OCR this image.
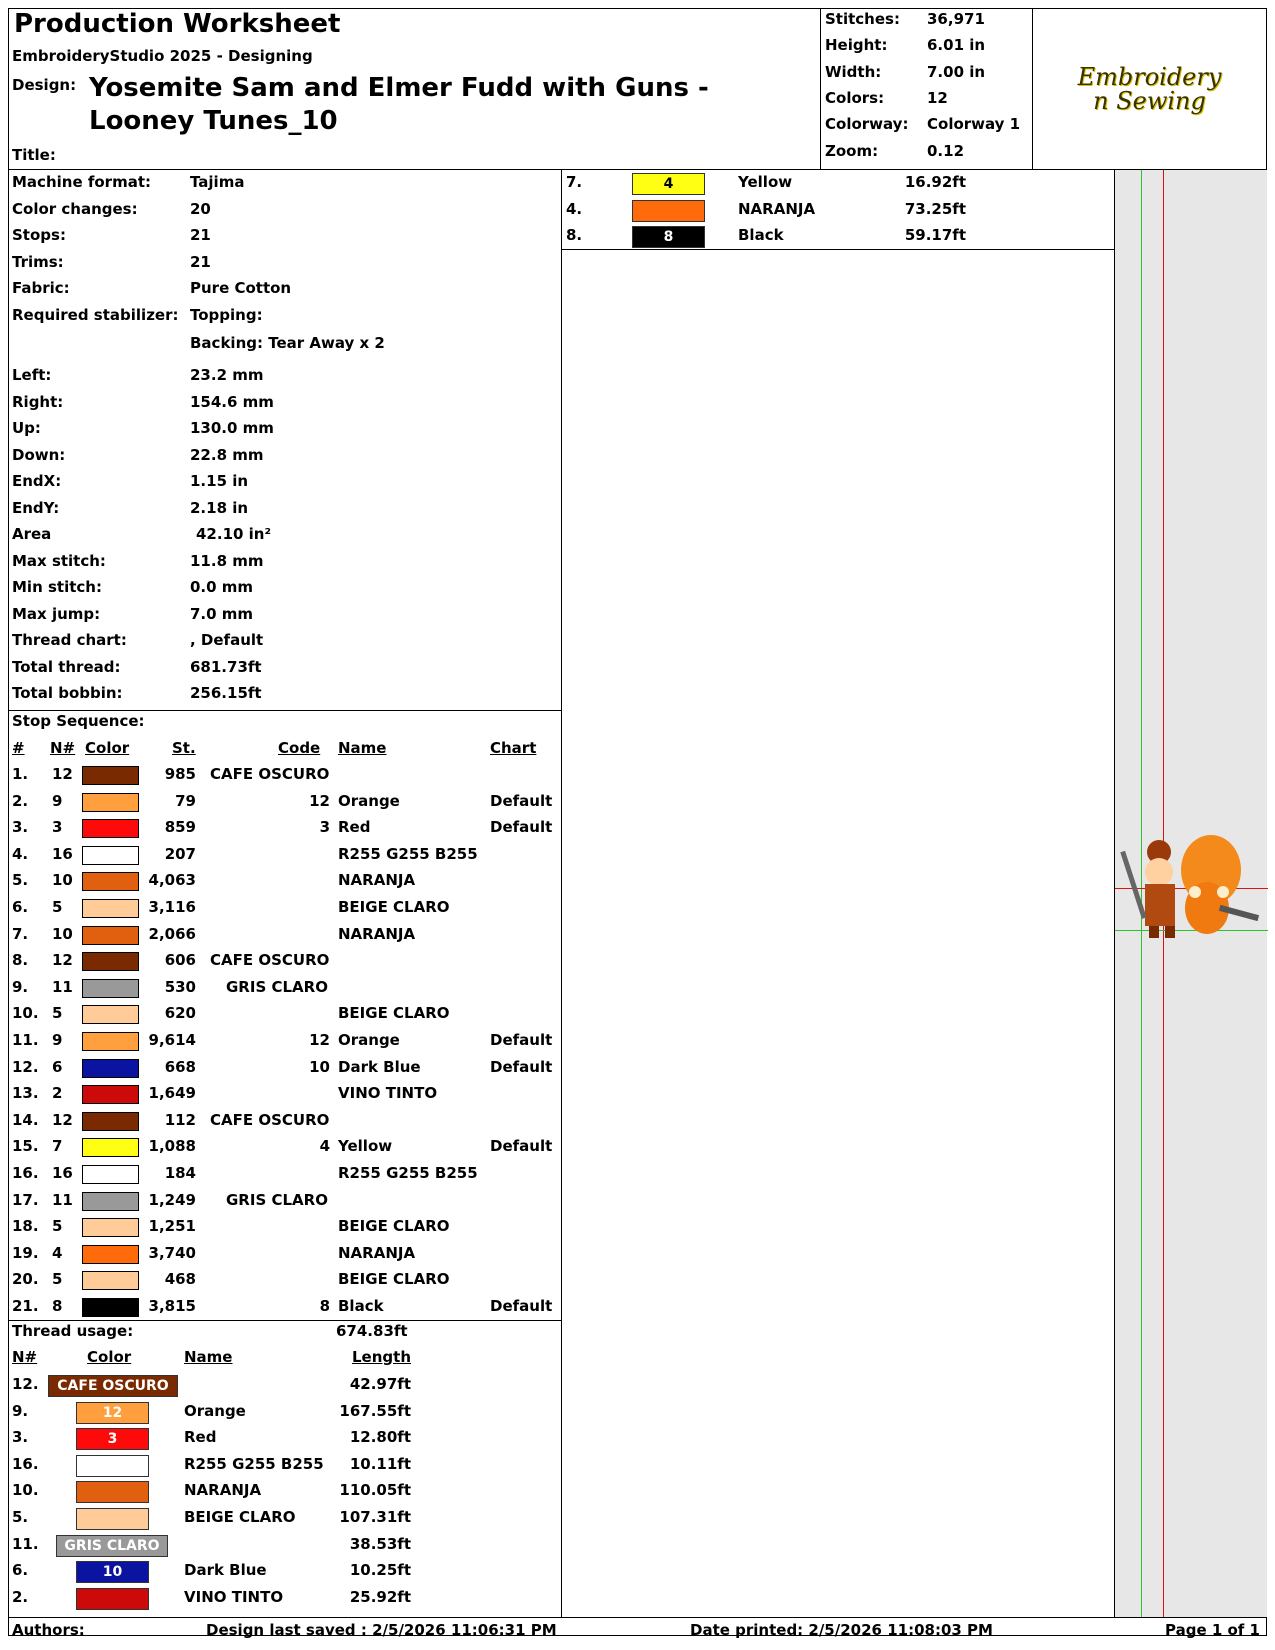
Production Worksheet
EmbroideryStudio 2025 - Designing
Design: Yosemite Sam and Elmer Fudd with Guns - Looney Tunes_10
Title:
Stitches: 36,971
Height:	6.01 in
Width:	7.00 in
Colors:	12
Colorway: Colorway 1
Zoom:	0.12
Embroidery n Sewing
Machine format:	Tajima
Color changes:	20
Stops:	21
Trims:	21
Fabric:	Pure Cotton
Required stabilizer: Topping:
Backing: Tear Away x 2
Left:	23.2 mm
Right:	154.6 mm
Up:	130.0 mm
Down:	22.8 mm
EndX:	1.15 in
EndY:	2.18 in
Area	42.10 in²
Max stitch:	11.8 mm
Min stitch:	0.0 mm
Max jump:	7.0 mm
Thread chart:	, Default
Total thread:	681.73ft
Total bobbin:	256.15ft
Stop Sequence:
# N# Color	St.	Code Name	Chart
1. 12	985 CAFE OSCURO
2. 9	79	12 Orange	Default
3. 3	859	3 Red	Default
4. 16	207	R255 G255 B255
5. 10	4,063	NARANJA
6. 5	3,116	BEIGE CLARO
7. 10	2,066	NARANJA
8. 12	606 CAFE OSCURO
9. 11	530 GRIS CLARO
10. 5	620	BEIGE CLARO
11. 9	9,614	12 Orange	Default
12. 6	668	10 Dark Blue	Default
13. 2	1,649	VINO TINTO
14. 12	112 CAFE OSCURO
15. 7	1,088	4 Yellow	Default
16. 16	184	R255 G255 B255
17. 11	1,249 GRIS CLARO
18. 5	1,251	BEIGE CLARO
19. 4	3,740	NARANJA
20. 5	468	BEIGE CLARO
21. 8	3,815	8 Black	Default
Thread usage:	674.83ft
N#	Color	Name	Length
12.	CAFE OSCURO	42.97ft
9.	12	Orange	167.55ft
3.	3	Red	12.80ft
16.	R255 G255 B255	10.11ft
10.	NARANJA	110.05ft
5.	BEIGE CLARO	107.31ft
11.	GRIS CLARO	38.53ft
6.	10	Dark Blue	10.25ft
2.	VINO TINTO	25.92ft
7.	4	Yellow	16.92ft
4.	NARANJA	73.25ft
8.	8	Black	59.17ft
Authors:	Design last saved : 2/5/2026 11:06:31 PM	Date printed: 2/5/2026 11:08:03 PM	Page 1 of 1
